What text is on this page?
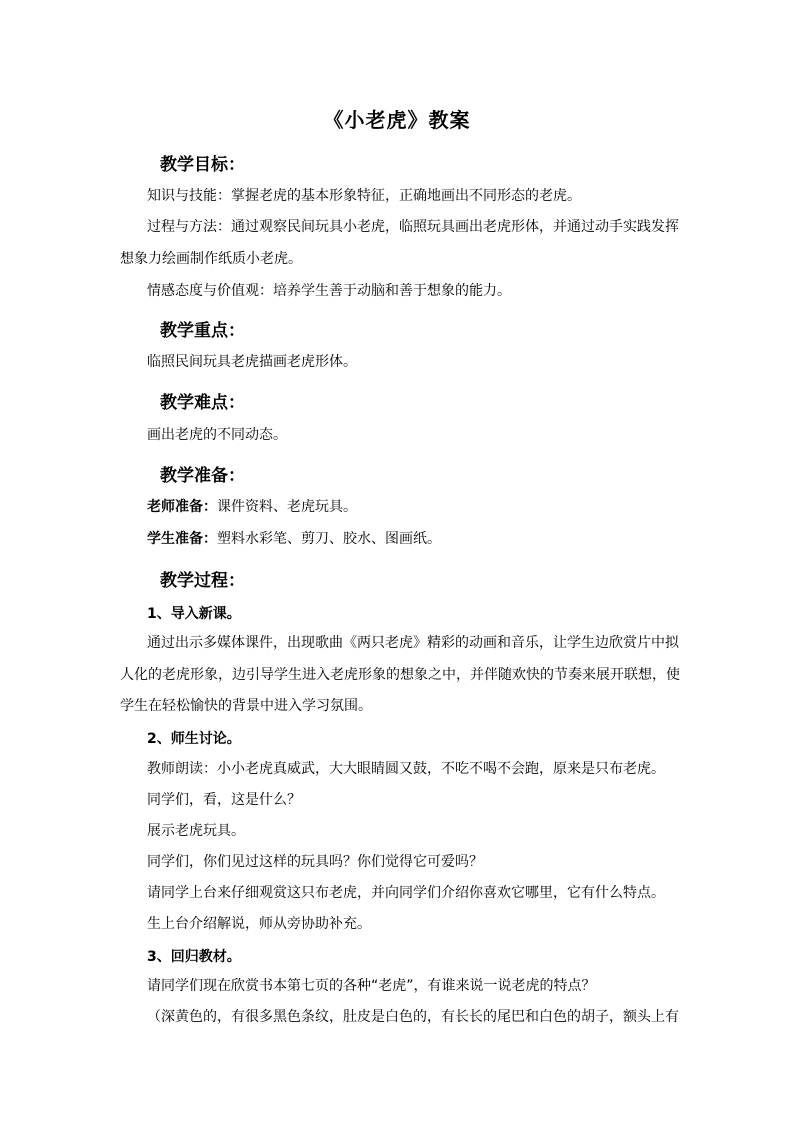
《小老虎》教案
教学目标：
知识与技能：掌握老虎的基本形象特征，正确地画出不同形态的老虎。
过程与方法：通过观察民间玩具小老虎，临照玩具画出老虎形体，并通过动手实践发挥
想象力绘画制作纸质小老虎。
情感态度与价值观：培养学生善于动脑和善于想象的能力。
教学重点：
临照民间玩具老虎描画老虎形体。
教学难点：
画出老虎的不同动态。
教学准备：
老师准备：课件资料、老虎玩具。
学生准备：塑料水彩笔、剪刀、胶水、图画纸。
教学过程：
1、导入新课。
通过出示多媒体课件，出现歌曲《两只老虎》精彩的动画和音乐，让学生边欣赏片中拟
人化的老虎形象，边引导学生进入老虎形象的想象之中，并伴随欢快的节奏来展开联想，使
学生在轻松愉快的背景中进入学习氛围。
2、师生讨论。
教师朗读：小小老虎真威武，大大眼睛圆又鼓，不吃不喝不会跑，原来是只布老虎。
同学们，看，这是什么？
展示老虎玩具。
同学们，你们见过这样的玩具吗？你们觉得它可爱吗？
请同学上台来仔细观赏这只布老虎，并向同学们介绍你喜欢它哪里，它有什么特点。
生上台介绍解说，师从旁协助补充。
3、回归教材。
请同学们现在欣赏书本第七页的各种“老虎”，有谁来说一说老虎的特点？
（深黄色的，有很多黑色条纹，肚皮是白色的，有长长的尾巴和白色的胡子，额头上有
